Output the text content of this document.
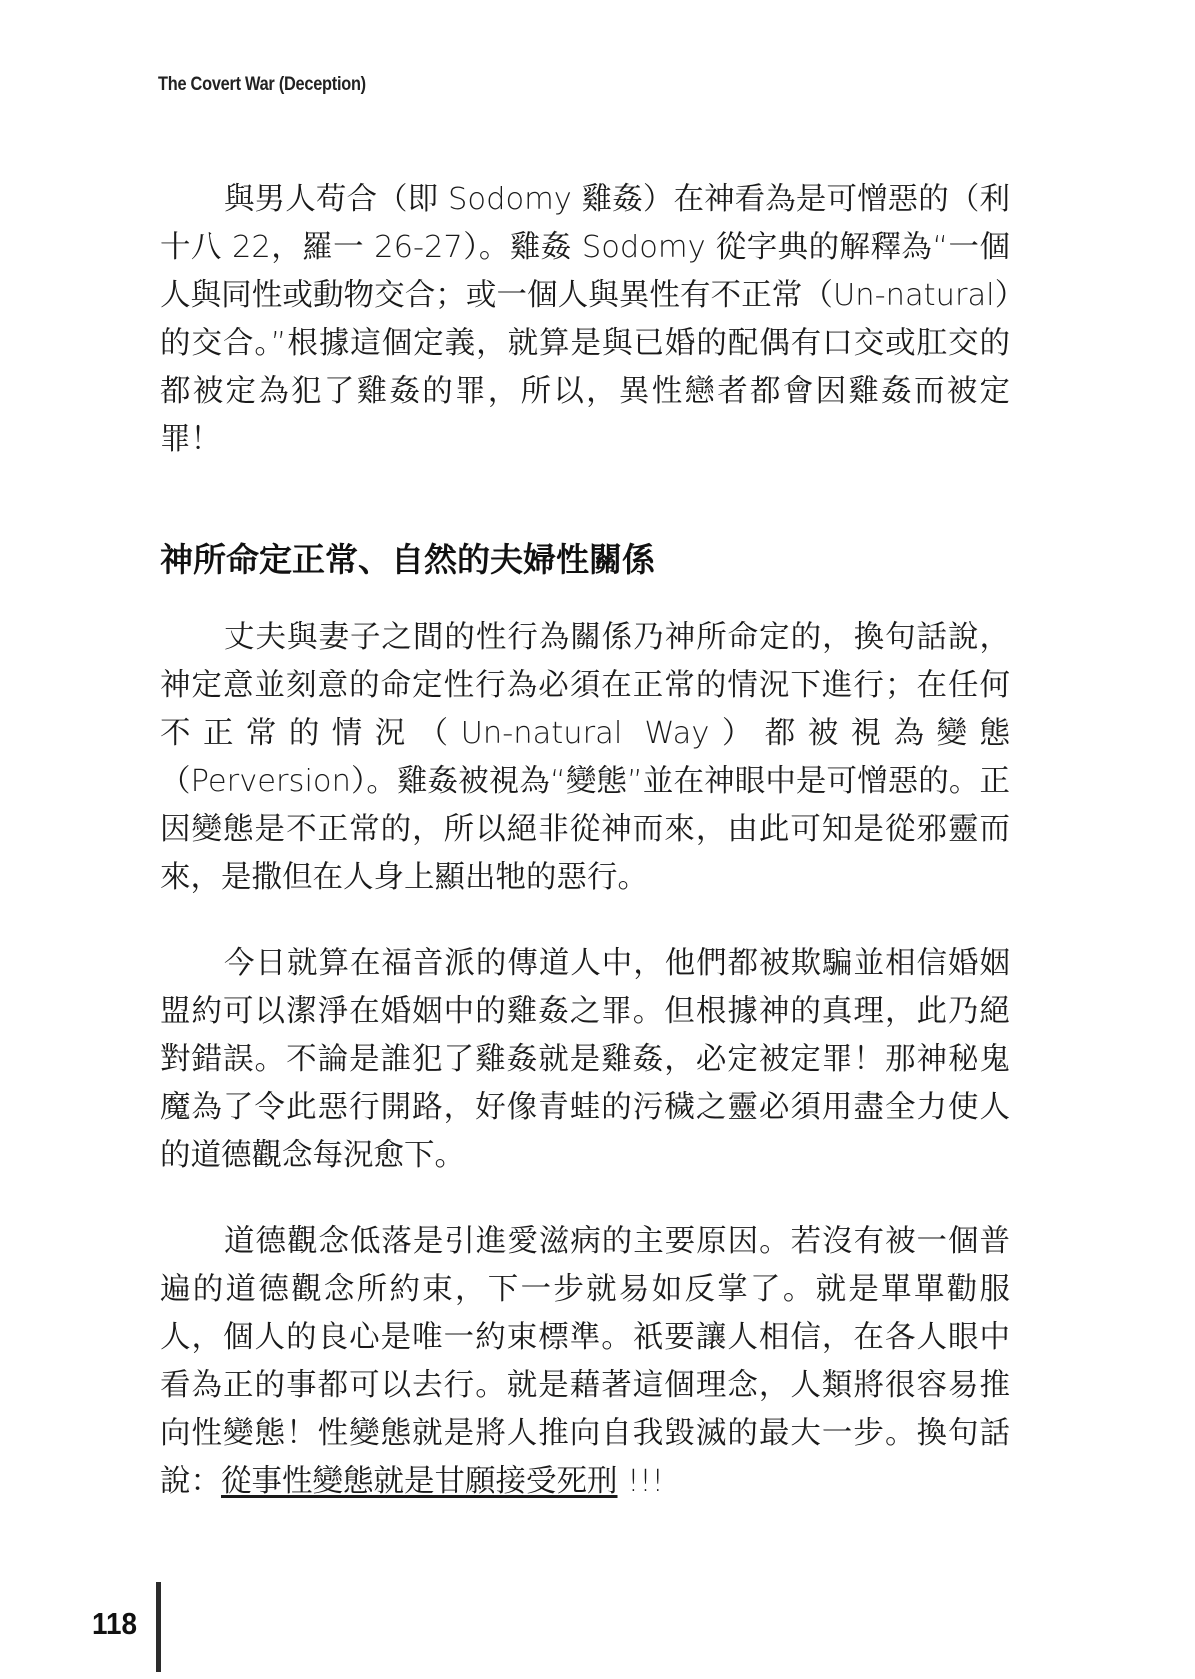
The Covert War (Deception)

與男人苟合（即 Sodomy 雞姦）在神看為是可憎惡的（利十八 22，羅一 26-27）。雞姦 Sodomy 從字典的解釋為“一個人與同性或動物交合；或一個人與異性有不正常（Un-natural）的交合。”根據這個定義，就算是與已婚的配偶有口交或肛交的都被定為犯了雞姦的罪，所以，異性戀者都會因雞姦而被定罪！

神所命定正常、自然的夫婦性關係

丈夫與妻子之間的性行為關係乃神所命定的，換句話說，神定意並刻意的命定性行為必須在正常的情況下進行；在任何不正常的情況（Un-natural Way）都被視為變態（Perversion）。雞姦被視為“變態”並在神眼中是可憎惡的。正因變態是不正常的，所以絕非從神而來，由此可知是從邪靈而來，是撒但在人身上顯出牠的惡行。

今日就算在福音派的傳道人中，他們都被欺騙並相信婚姻盟約可以潔淨在婚姻中的雞姦之罪。但根據神的真理，此乃絕對錯誤。不論是誰犯了雞姦就是雞姦，必定被定罪！那神秘鬼魔為了令此惡行開路，好像青蛙的污穢之靈必須用盡全力使人的道德觀念每況愈下。

道德觀念低落是引進愛滋病的主要原因。若沒有被一個普遍的道德觀念所約束，下一步就易如反掌了。就是單單勸服人，個人的良心是唯一約束標準。祇要讓人相信，在各人眼中看為正的事都可以去行。就是藉著這個理念，人類將很容易推向性變態！性變態就是將人推向自我毀滅的最大一步。換句話說：從事性變態就是甘願接受死刑 !!!

118
